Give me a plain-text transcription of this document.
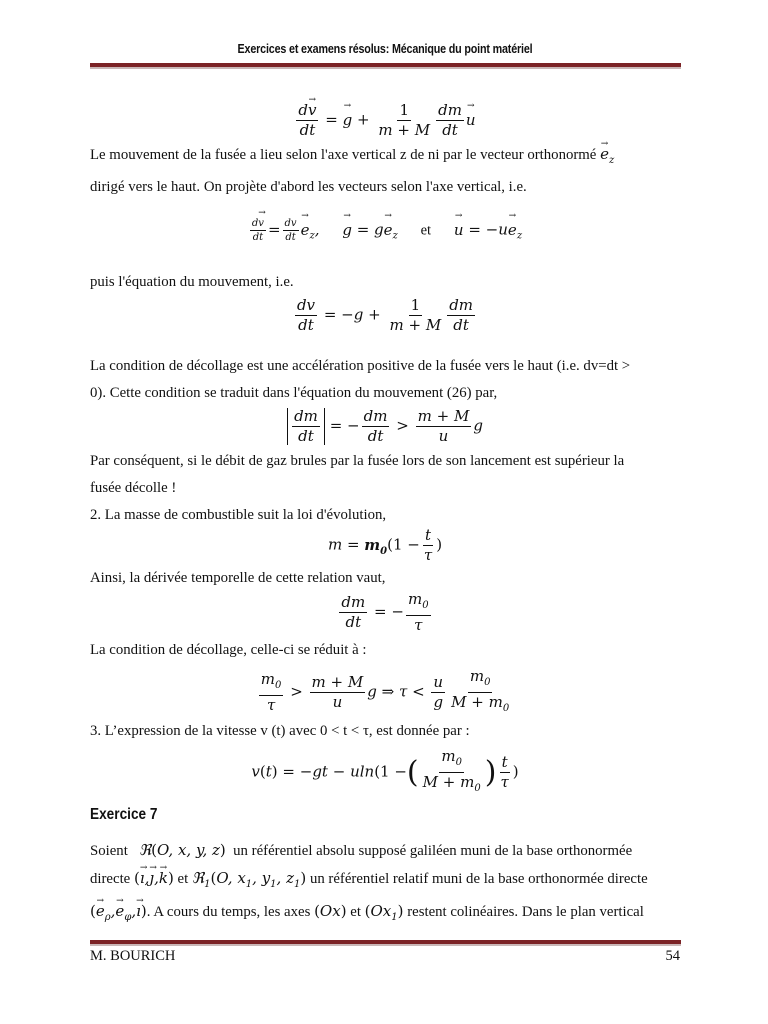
Exercices et examens résolus: Mécanique du point matériel
$\frac{dv \to}{dt} = g$ → + $\frac{1}{m + M} \frac{dm}{dt}$ u →
Le mouvement de la fusée a lieu selon l'axe vertical z de ni par le vecteur orthonormé $e \to_z$
dirigé vers le haut. On projète d'abord les vecteurs selon l'axe vertical, i.e.
$\frac{dv \to}{dt} = \frac{dv}{dt}$ $e \to_z$, g → = ge $\to_z$ et u → = $-ue \to_z$
puis l'équation du mouvement, i.e.
$\frac{dv}{dt} = -g + \frac{1}{m + M} \frac{dm}{dt}$
La condition de décollage est une accélération positive de la fusée vers le haut (i.e. dv=dt >
0). Cette condition se traduit dans l'équation du mouvement (26) par,
$\frac{dm}{dt}$ = − $\frac{dm}{dt} > \frac{m + M}{u}$ g
Par conséquent, si le débit de gaz brules par la fusée lors de son lancement est supérieur la
fusée décolle !
2. La masse de combustible suit la loi d'évolution,
$m = m_0(1 - \frac{t}{\tau}$ )
Ainsi, la dérivée temporelle de cette relation vaut,
$\frac{dm}{dt}$ = − $\frac{m_0}{\tau}$
La condition de décollage, celle-ci se réduit à :
$\frac{m_0}{\tau} > \frac{m + M}{u}$ g ⇒ $\tau < \frac{u}{g} \frac{m_0}{M + m_0}$
3. L’expression de la vitesse v (t) avec 0 < t < τ, est donnée par :
v(t) = −gt − uln(1 −( $\frac{m_0}{M + m_0}$ ) $\frac{t}{\tau}$ )
Exercice 7
Soient ℜ(O, x, y, z) un référentiel absolu supposé galiléen muni de la base orthonormée
directe (ı →,ȷ →,k →) et ℜ$_1$(O, $x_1$, $y_1$, $z_1$) un référentiel relatif muni de la base orthonormée directe
($e \to_\rho,e$ $\to_\varphi,ı$ →). A cours du temps, les axes (Ox) et $(Ox_1)$ restent colinéaires. Dans le plan vertical
M. BOURICH	54
